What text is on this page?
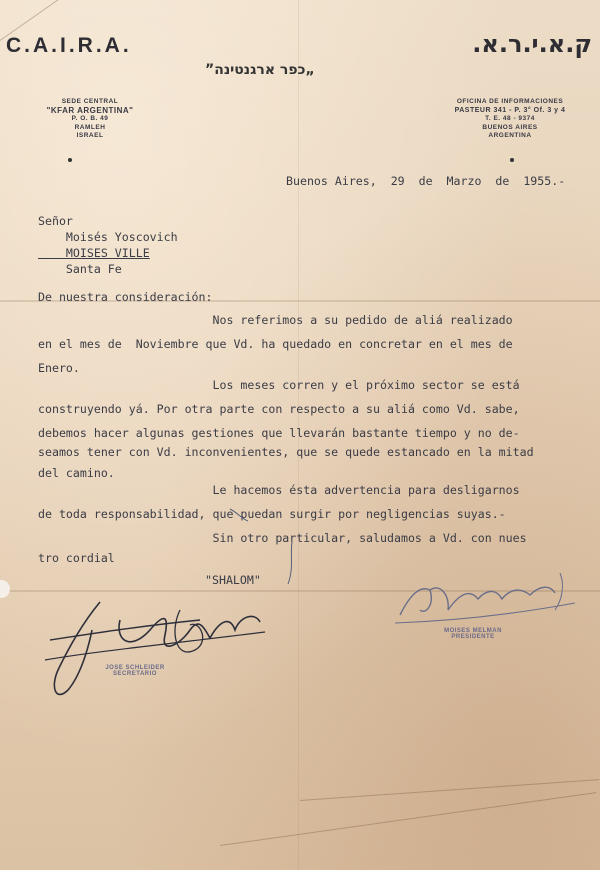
C.A.I.R.A.	ק.א.י.ר.א.
„כפר ארגנטינה”
SEDE CENTRAL
"KFAR ARGENTINA"
P. O. B. 49
RAMLEH
ISRAEL
OFICINA DE INFORMACIONES
PASTEUR 341 - P. 3° Of. 3 y 4
T. E. 48 - 9374
BUENOS AIRES
ARGENTINA
Buenos Aires,  29  de  Marzo  de  1955.-
Señor
Moisés Yoscovich
MOISES VILLE
Santa Fe
De nuestra consideración:
Nos referimos a su pedido de aliá realizado
en el mes de  Noviembre que Vd. ha quedado en concretar en el mes de
Enero.
Los meses corren y el próximo sector se está
construyendo yá. Por otra parte con respecto a su aliá como Vd. sabe,
debemos hacer algunas gestiones que llevarán bastante tiempo y no de-
seamos tener con Vd. inconvenientes, que se quede estancado en la mitad
del camino.
Le hacemos ésta advertencia para desligarnos
de toda responsabilidad, que puedan surgir por negligencias suyas.-
Sin otro particular, saludamos a Vd. con nues
tro cordial
"SHALOM"
JOSE SCHLEIDER
SECRETARIO
MOISES MELMAN
PRESIDENTE
